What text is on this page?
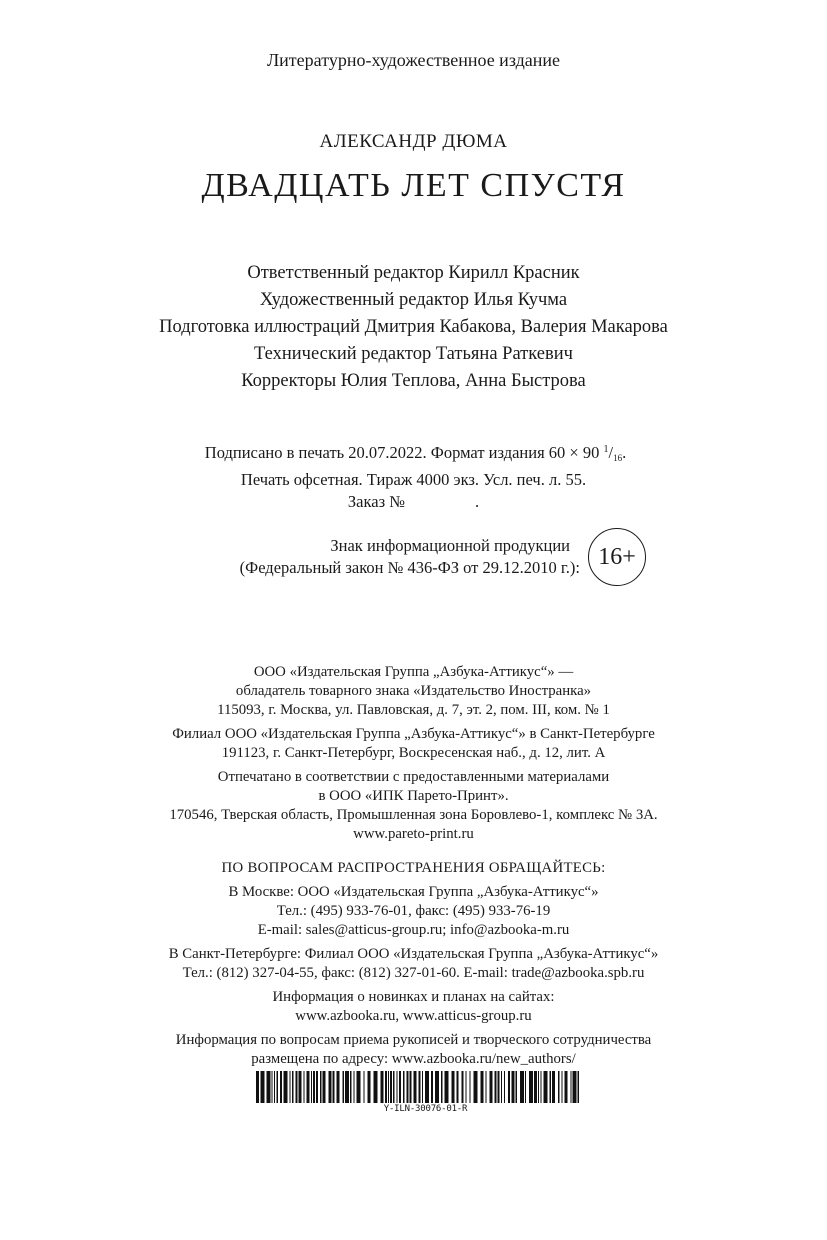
Литературно-художественное издание
АЛЕКСАНДР ДЮМА
ДВАДЦАТЬ ЛЕТ СПУСТЯ
Ответственный редактор Кирилл Красник
Художественный редактор Илья Кучма
Подготовка иллюстраций Дмитрия Кабакова, Валерия Макарова
Технический редактор Татьяна Раткевич
Корректоры Юлия Теплова, Анна Быстрова
Подписано в печать 20.07.2022. Формат издания 60 × 90 $^1/_{16}$.
Печать офсетная. Тираж 4000 экз. Усл. печ. л. 55.
Заказ №	.
Знак информационной продукции
(Федеральный закон № 436-ФЗ от 29.12.2010 г.): 16+
ООО «Издательская Группа „Азбука-Аттикус“» —
обладатель товарного знака «Издательство Иностранка»
115093, г. Москва, ул. Павловская, д. 7, эт. 2, пом. III, ком. № 1
Филиал ООО «Издательская Группа „Азбука-Аттикус“» в Санкт-Петербурге
191123, г. Санкт-Петербург, Воскресенская наб., д. 12, лит. А
Отпечатано в соответствии с предоставленными материалами
в ООО «ИПК Парето-Принт».
170546, Тверская область, Промышленная зона Боровлево-1, комплекс № 3А.
www.pareto-print.ru
ПО ВОПРОСАМ РАСПРОСТРАНЕНИЯ ОБРАЩАЙТЕСЬ:
В Москве: ООО «Издательская Группа „Азбука-Аттикус“»
Тел.: (495) 933-76-01, факс: (495) 933-76-19
E-mail: sales@atticus-group.ru; info@azbooka-m.ru
В Санкт-Петербурге: Филиал ООО «Издательская Группа „Азбука-Аттикус“»
Тел.: (812) 327-04-55, факс: (812) 327-01-60. E-mail: trade@azbooka.spb.ru
Информация о новинках и планах на сайтах:
www.azbooka.ru, www.atticus-group.ru
Информация по вопросам приема рукописей и творческого сотрудничества
размещена по адресу: www.azbooka.ru/new_authors/
Y-ILN-30076-01-R
